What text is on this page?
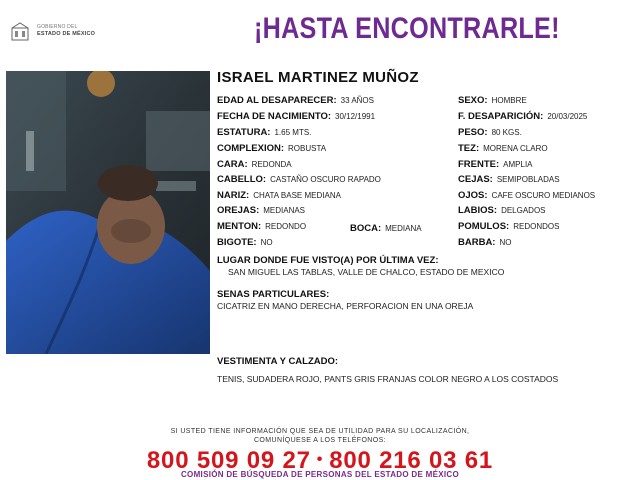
GOBIERNO DEL
ESTADO DE MÉXICO	¡HASTA ENCONTRARLE!
ISRAEL MARTINEZ MUÑOZ
EDAD AL DESAPARECER: 33 AÑOS
FECHA DE NACIMIENTO: 30/12/1991
ESTATURA: 1.65 MTS.
COMPLEXION: ROBUSTA
CARA: REDONDA
CABELLO: CASTAÑO OSCURO RAPADO
NARIZ: CHATA BASE MEDIANA
OREJAS: MEDIANAS
MENTON: REDONDO	BOCA: MEDIANA
BIGOTE: NO
SEXO: HOMBRE
F. DESAPARICIÓN: 20/03/2025
PESO: 80 KGS.
TEZ: MORENA CLARO
FRENTE: AMPLIA
CEJAS: SEMIPOBLADAS
OJOS: CAFE OSCURO MEDIANOS
LABIOS: DELGADOS
POMULOS: REDONDOS
BARBA: NO
LUGAR DONDE FUE VISTO(A) POR ÚLTIMA VEZ:
SAN MIGUEL LAS TABLAS, VALLE DE CHALCO, ESTADO DE MEXICO
SENAS PARTICULARES:
CICATRIZ EN MANO DERECHA, PERFORACION EN UNA OREJA
VESTIMENTA Y CALZADO:
TENIS, SUDADERA ROJO, PANTS GRIS FRANJAS COLOR NEGRO A LOS COSTADOS
SI USTED TIENE INFORMACIÓN QUE SEA DE UTILIDAD PARA SU LOCALIZACIÓN,
COMUNÍQUESE A LOS TELÉFONOS:
800 509 09 27 • 800 216 03 61
COMISIÓN DE BÚSQUEDA DE PERSONAS DEL ESTADO DE MÉXICO
